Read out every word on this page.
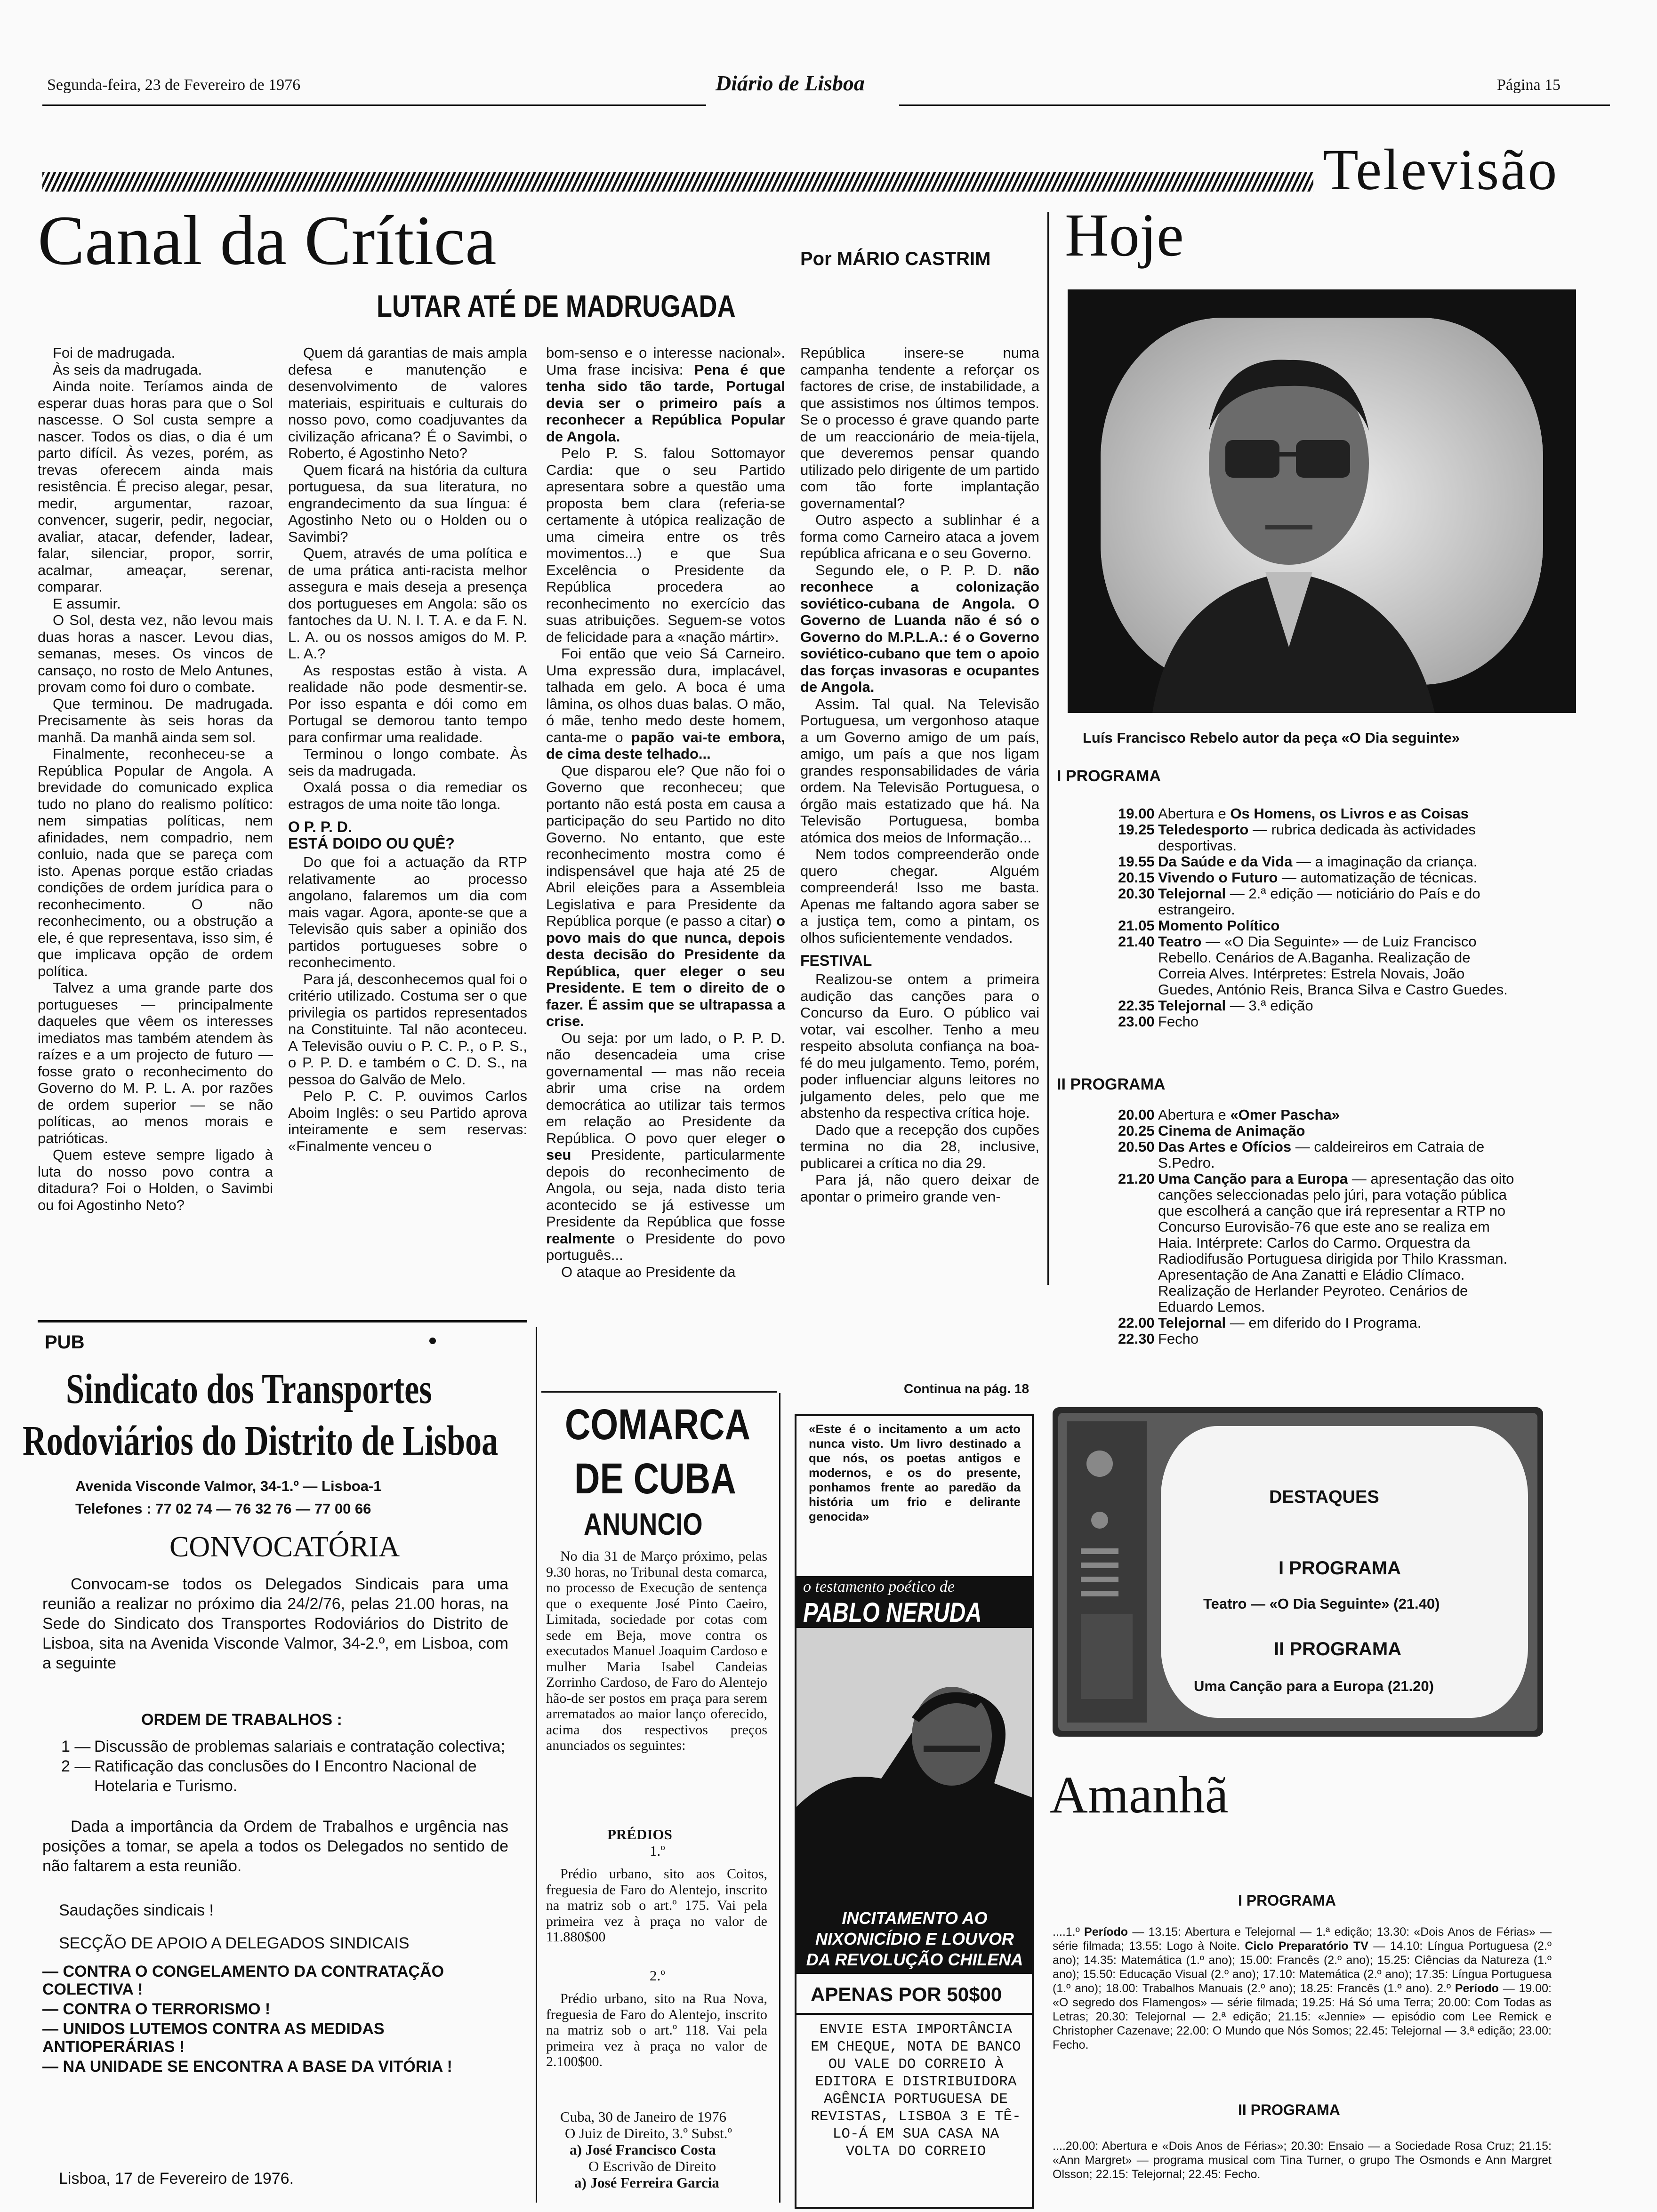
Segunda-feira, 23 de Fevereiro de 1976	Diário de Lisboa	Página 15
Televisão
Canal da Crítica	Por MÁRIO CASTRIM
LUTAR ATÉ DE MADRUGADA

Foi de madrugada.

Às seis da madrugada.

Ainda noite. Teríamos ainda de esperar duas horas para que o Sol nascesse. O Sol custa sempre a nascer. Todos os dias, o dia é um parto difícil. Às vezes, porém, as trevas oferecem ainda mais resistência. É preciso alegar, pesar, medir, argumentar, razoar, convencer, sugerir, pedir, negociar, avaliar, atacar, defender, ladear, falar, silenciar, propor, sorrir, acalmar, ameaçar, serenar, comparar.

E assumir.

O Sol, desta vez, não levou mais duas horas a nascer. Levou dias, semanas, meses. Os vincos de cansaço, no rosto de Melo Antunes, provam como foi duro o combate.

Que terminou. De madrugada. Precisamente às seis horas da manhã. Da manhã ainda sem sol.

Finalmente, reconheceu-se a República Popular de Angola. A brevidade do comunicado explica tudo no plano do realismo político: nem simpatias políticas, nem afinidades, nem compadrio, nem conluio, nada que se pareça com isto. Apenas porque estão criadas condições de ordem jurídica para o reconhecimento. O não reconhecimento, ou a obstrução a ele, é que representava, isso sim, é que implicava opção de ordem política.

Talvez a uma grande parte dos portugueses — principalmente daqueles que vêem os interesses imediatos mas também atendem às raízes e a um projecto de futuro — fosse grato o reconhecimento do Governo do M. P. L. A. por razões de ordem superior — se não políticas, ao menos morais e patrióticas.

Quem esteve sempre ligado à luta do nosso povo contra a ditadura? Foi o Holden, o Savimbi ou foi Agostinho Neto?

Quem dá garantias de mais ampla defesa e manutenção e desenvolvimento de valores materiais, espirituais e culturais do nosso povo, como coadjuvantes da civilização africana? É o Savimbi, o Roberto, é Agostinho Neto?

Quem ficará na história da cultura portuguesa, da sua literatura, no engrandecimento da sua língua: é Agostinho Neto ou o Holden ou o Savimbi?

Quem, através de uma política e de uma prática anti-racista melhor assegura e mais deseja a presença dos portugueses em Angola: são os fantoches da U. N. I. T. A. e da F. N. L. A. ou os nossos amigos do M. P. L. A.?

As respostas estão à vista. A realidade não pode desmentir-se. Por isso espanta e dói como em Portugal se demorou tanto tempo para confirmar uma realidade.

Terminou o longo combate. Às seis da madrugada.

Oxalá possa o dia remediar os estragos de uma noite tão longa.

O P. P. D.
ESTÁ DOIDO OU QUÊ?

Do que foi a actuação da RTP relativamente ao processo angolano, falaremos um dia com mais vagar. Agora, aponte-se que a Televisão quis saber a opinião dos partidos portugueses sobre o reconhecimento.

Para já, desconhecemos qual foi o critério utilizado. Costuma ser o que privilegia os partidos representados na Constituinte. Tal não aconteceu. A Televisão ouviu o P. C. P., o P. S., o P. P. D. e também o C. D. S., na pessoa do Galvão de Melo.

Pelo P. C. P. ouvimos Carlos Aboim Inglês: o seu Partido aprova inteiramente e sem reservas: «Finalmente venceu o

bom-senso e o interesse nacional». Uma frase incisiva: Pena é que tenha sido tão tarde, Portugal devia ser o primeiro país a reconhecer a República Popular de Angola.

Pelo P. S. falou Sottomayor Cardia: que o seu Partido apresentara sobre a questão uma proposta bem clara (referia-se certamente à utópica realização de uma cimeira entre os três movimentos...) e que Sua Excelência o Presidente da República procedera ao reconhecimento no exercício das suas atribuições. Seguem-se votos de felicidade para a «nação mártir».

Foi então que veio Sá Carneiro. Uma expressão dura, implacável, talhada em gelo. A boca é uma lâmina, os olhos duas balas. O mão, ó mãe, tenho medo deste homem, canta-me o papão vai-te embora, de cima deste telhado...

Que disparou ele? Que não foi o Governo que reconheceu; que portanto não está posta em causa a participação do seu Partido no dito Governo. No entanto, que este reconhecimento mostra como é indispensável que haja até 25 de Abril eleições para a Assembleia Legislativa e para Presidente da República porque (e passo a citar) o povo mais do que nunca, depois desta decisão do Presidente da República, quer eleger o seu Presidente. E tem o direito de o fazer. É assim que se ultrapassa a crise.

Ou seja: por um lado, o P. P. D. não desencadeia uma crise governamental — mas não receia abrir uma crise na ordem democrática ao utilizar tais termos em relação ao Presidente da República. O povo quer eleger o seu Presidente, particularmente depois do reconhecimento de Angola, ou seja, nada disto teria acontecido se já estivesse um Presidente da República que fosse realmente o Presidente do povo português...

O ataque ao Presidente da

República insere-se numa campanha tendente a reforçar os factores de crise, de instabilidade, a que assistimos nos últimos tempos. Se o processo é grave quando parte de um reaccionário de meia-tijela, que deveremos pensar quando utilizado pelo dirigente de um partido com tão forte implantação governamental?

Outro aspecto a sublinhar é a forma como Carneiro ataca a jovem república africana e o seu Governo.

Segundo ele, o P. P. D. não reconhece a colonização soviético-cubana de Angola. O Governo de Luanda não é só o Governo do M.P.L.A.: é o Governo soviético-cubano que tem o apoio das forças invasoras e ocupantes de Angola.

Assim. Tal qual. Na Televisão Portuguesa, um vergonhoso ataque a um Governo amigo de um país, amigo, um país a que nos ligam grandes responsabilidades de vária ordem. Na Televisão Portuguesa, o órgão mais estatizado que há. Na Televisão Portuguesa, bomba atómica dos meios de Informação...

Nem todos compreenderão onde quero chegar. Alguém compreenderá! Isso me basta. Apenas me faltando agora saber se a justiça tem, como a pintam, os olhos suficientemente vendados.

FESTIVAL

Realizou-se ontem a primeira audição das canções para o Concurso da Euro. O público vai votar, vai escolher. Tenho a meu respeito absoluta confiança na boa-fé do meu julgamento. Temo, porém, poder influenciar alguns leitores no julgamento deles, pelo que me abstenho da respectiva crítica hoje.

Dado que a recepção dos cupões termina no dia 28, inclusive, publicarei a crítica no dia 29.

Para já, não quero deixar de apontar o primeiro grande ven-

Continua na pág. 18
Hoje
Luís Francisco Rebelo autor da peça «O Dia seguinte»
I PROGRAMA
19.00 Abertura e Os Homens, os Livros e as Coisas
19.25 Teledesporto — rubrica dedicada às actividades desportivas.
19.55 Da Saúde e da Vida — a imaginação da criança.
20.15 Vivendo o Futuro — automatização de técnicas.
20.30 Telejornal — 2.ª edição — noticiário do País e do estrangeiro.
21.05 Momento Político
21.40 Teatro — «O Dia Seguinte» — de Luiz Francisco Rebello. Cenários de A.Baganha. Realização de Correia Alves. Intérpretes: Estrela Novais, João Guedes, António Reis, Branca Silva e Castro Guedes.
22.35 Telejornal — 3.ª edição
23.00 Fecho
II PROGRAMA
20.00 Abertura e «Omer Pascha»
20.25 Cinema de Animação
20.50 Das Artes e Ofícios — caldeireiros em Catraia de S.Pedro.
21.20 Uma Canção para a Europa — apresentação das oito canções seleccionadas pelo júri, para votação pública que escolherá a canção que irá representar a RTP no Concurso Eurovisão-76 que este ano se realiza em Haia. Intérprete: Carlos do Carmo. Orquestra da Radiodifusão Portuguesa dirigida por Thilo Krassman. Apresentação de Ana Zanatti e Eládio Clímaco. Realização de Herlander Peyroteo. Cenários de Eduardo Lemos.
22.00 Telejornal — em diferido do I Programa.
22.30 Fecho
DESTAQUES
I PROGRAMA
Teatro — «O Dia Seguinte» (21.40)
II PROGRAMA
Uma Canção para a Europa (21.20)
Amanhã
I PROGRAMA
....1.º Período — 13.15: Abertura e Telejornal — 1.ª edição; 13.30: «Dois Anos de Férias» — série filmada; 13.55: Logo à Noite. Ciclo Preparatório TV — 14.10: Língua Portuguesa (2.º ano); 14.35: Matemática (1.º ano); 15.00: Francês (2.º ano); 15.25: Ciências da Natureza (1.º ano); 15.50: Educação Visual (2.º ano); 17.10: Matemática (2.º ano); 17.35: Língua Portuguesa (1.º ano); 18.00: Trabalhos Manuais (2.º ano); 18.25: Francês (1.º ano). 2.º Período — 19.00: «O segredo dos Flamengos» — série filmada; 19.25: Há Só uma Terra; 20.00: Com Todas as Letras; 20.30: Telejornal — 2.ª edição; 21.15: «Jennie» — episódio com Lee Remick e Christopher Cazenave; 22.00: O Mundo que Nós Somos; 22.45: Telejornal — 3.ª edição; 23.00: Fecho.
II PROGRAMA
....20.00: Abertura e «Dois Anos de Férias»; 20.30: Ensaio — a Sociedade Rosa Cruz; 21.15: «Ann Margret» — programa musical com Tina Turner, o grupo The Osmonds e Ann Margret Olsson; 22.15: Telejornal; 22.45: Fecho.
PUB
Sindicato dos Transportes
Rodoviários do Distrito de Lisboa
Avenida Visconde Valmor, 34-1.º — Lisboa-1
Telefones : 77 02 74 — 76 32 76 — 77 00 66
CONVOCATÓRIA
Convocam-se todos os Delegados Sindicais para uma reunião a realizar no próximo dia 24/2/76, pelas 21.00 horas, na Sede do Sindicato dos Transportes Rodoviários do Distrito de Lisboa, sita na Avenida Visconde Valmor, 34-2.º, em Lisboa, com a seguinte
ORDEM DE TRABALHOS :
1 — Discussão de problemas salariais e contratação colectiva;
2 — Ratificação das conclusões do I Encontro Nacional de Hotelaria e Turismo.
Dada a importância da Ordem de Trabalhos e urgência nas posições a tomar, se apela a todos os Delegados no sentido de não faltarem a esta reunião.
Saudações sindicais !
SECÇÃO DE APOIO A DELEGADOS SINDICAIS
— CONTRA O CONGELAMENTO DA CONTRATAÇÃO COLECTIVA !
— CONTRA O TERRORISMO !
— UNIDOS LUTEMOS CONTRA AS MEDIDAS ANTIOPERÁRIAS !
— NA UNIDADE SE ENCONTRA A BASE DA VITÓRIA !
Lisboa, 17 de Fevereiro de 1976.
COMARCA
DE CUBA
ANUNCIO
No dia 31 de Março próximo, pelas 9.30 horas, no Tribunal desta comarca, no processo de Execução de sentença que o exequente José Pinto Caeiro, Limitada, sociedade por cotas com sede em Beja, move contra os executados Manuel Joaquim Cardoso e mulher Maria Isabel Candeias Zorrinho Cardoso, de Faro do Alentejo hão-de ser postos em praça para serem arrematados ao maior lanço oferecido, acima dos respectivos preços anunciados os seguintes:
PRÉDIOS
1.º
Prédio urbano, sito aos Coitos, freguesia de Faro do Alentejo, inscrito na matriz sob o art.º 175. Vai pela primeira vez à praça no valor de 11.880$00
2.º
Prédio urbano, sito na Rua Nova, freguesia de Faro do Alentejo, inscrito na matriz sob o art.º 118. Vai pela primeira vez à praça no valor de 2.100$00.
Cuba, 30 de Janeiro de 1976
O Juiz de Direito, 3.º Subst.º
a) José Francisco Costa
O Escrivão de Direito
a) José Ferreira Garcia
«Este é o incitamento a um acto nunca visto. Um livro destinado a que nós, os poetas antigos e modernos, e os do presente, ponhamos frente ao paredão da história um frio e delirante genocida»
o testamento poético de
PABLO NERUDA
INCITAMENTO AO NIXONICÍDIO E LOUVOR DA REVOLUÇÃO CHILENA
APENAS POR 50$00
ENVIE ESTA IMPORTÂNCIA EM CHEQUE, NOTA DE BANCO OU VALE DO CORREIO À EDITORA E DISTRIBUIDORA AGÊNCIA PORTUGUESA DE REVISTAS, LISBOA 3 E TÊ-LO-Á EM SUA CASA NA VOLTA DO CORREIO
